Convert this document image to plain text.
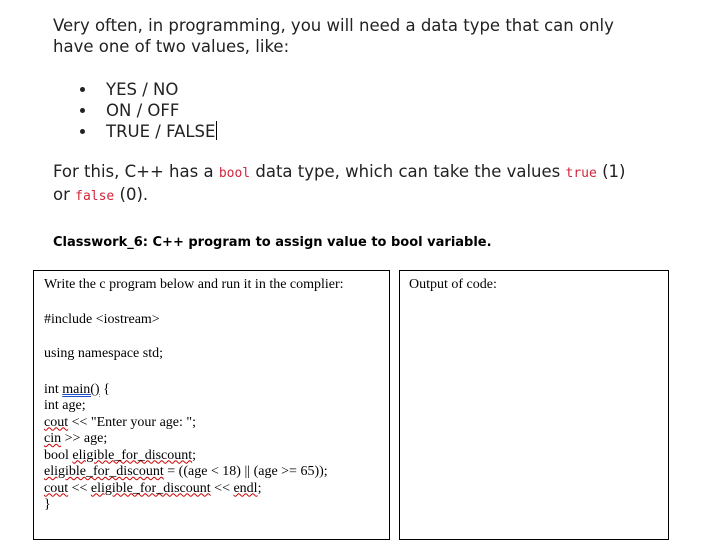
Very often, in programming, you will need a data type that can only

have one of two values, like:

YES / NO
ON / OFF
TRUE / FALSE
For this, C++ has a bool data type, which can take the values true (1)
or false (0).
Classwork_6: C++ program to assign value to bool variable.
Write the c program below and run it in the complier:
#include <iostream>
using namespace std;
int main() {
int age;
cout << "Enter your age: ";
cin >> age;
bool eligible_for_discount;
eligible_for_discount = ((age < 18) || (age >= 65));
cout << eligible_for_discount << endl;
}
Output of code:
